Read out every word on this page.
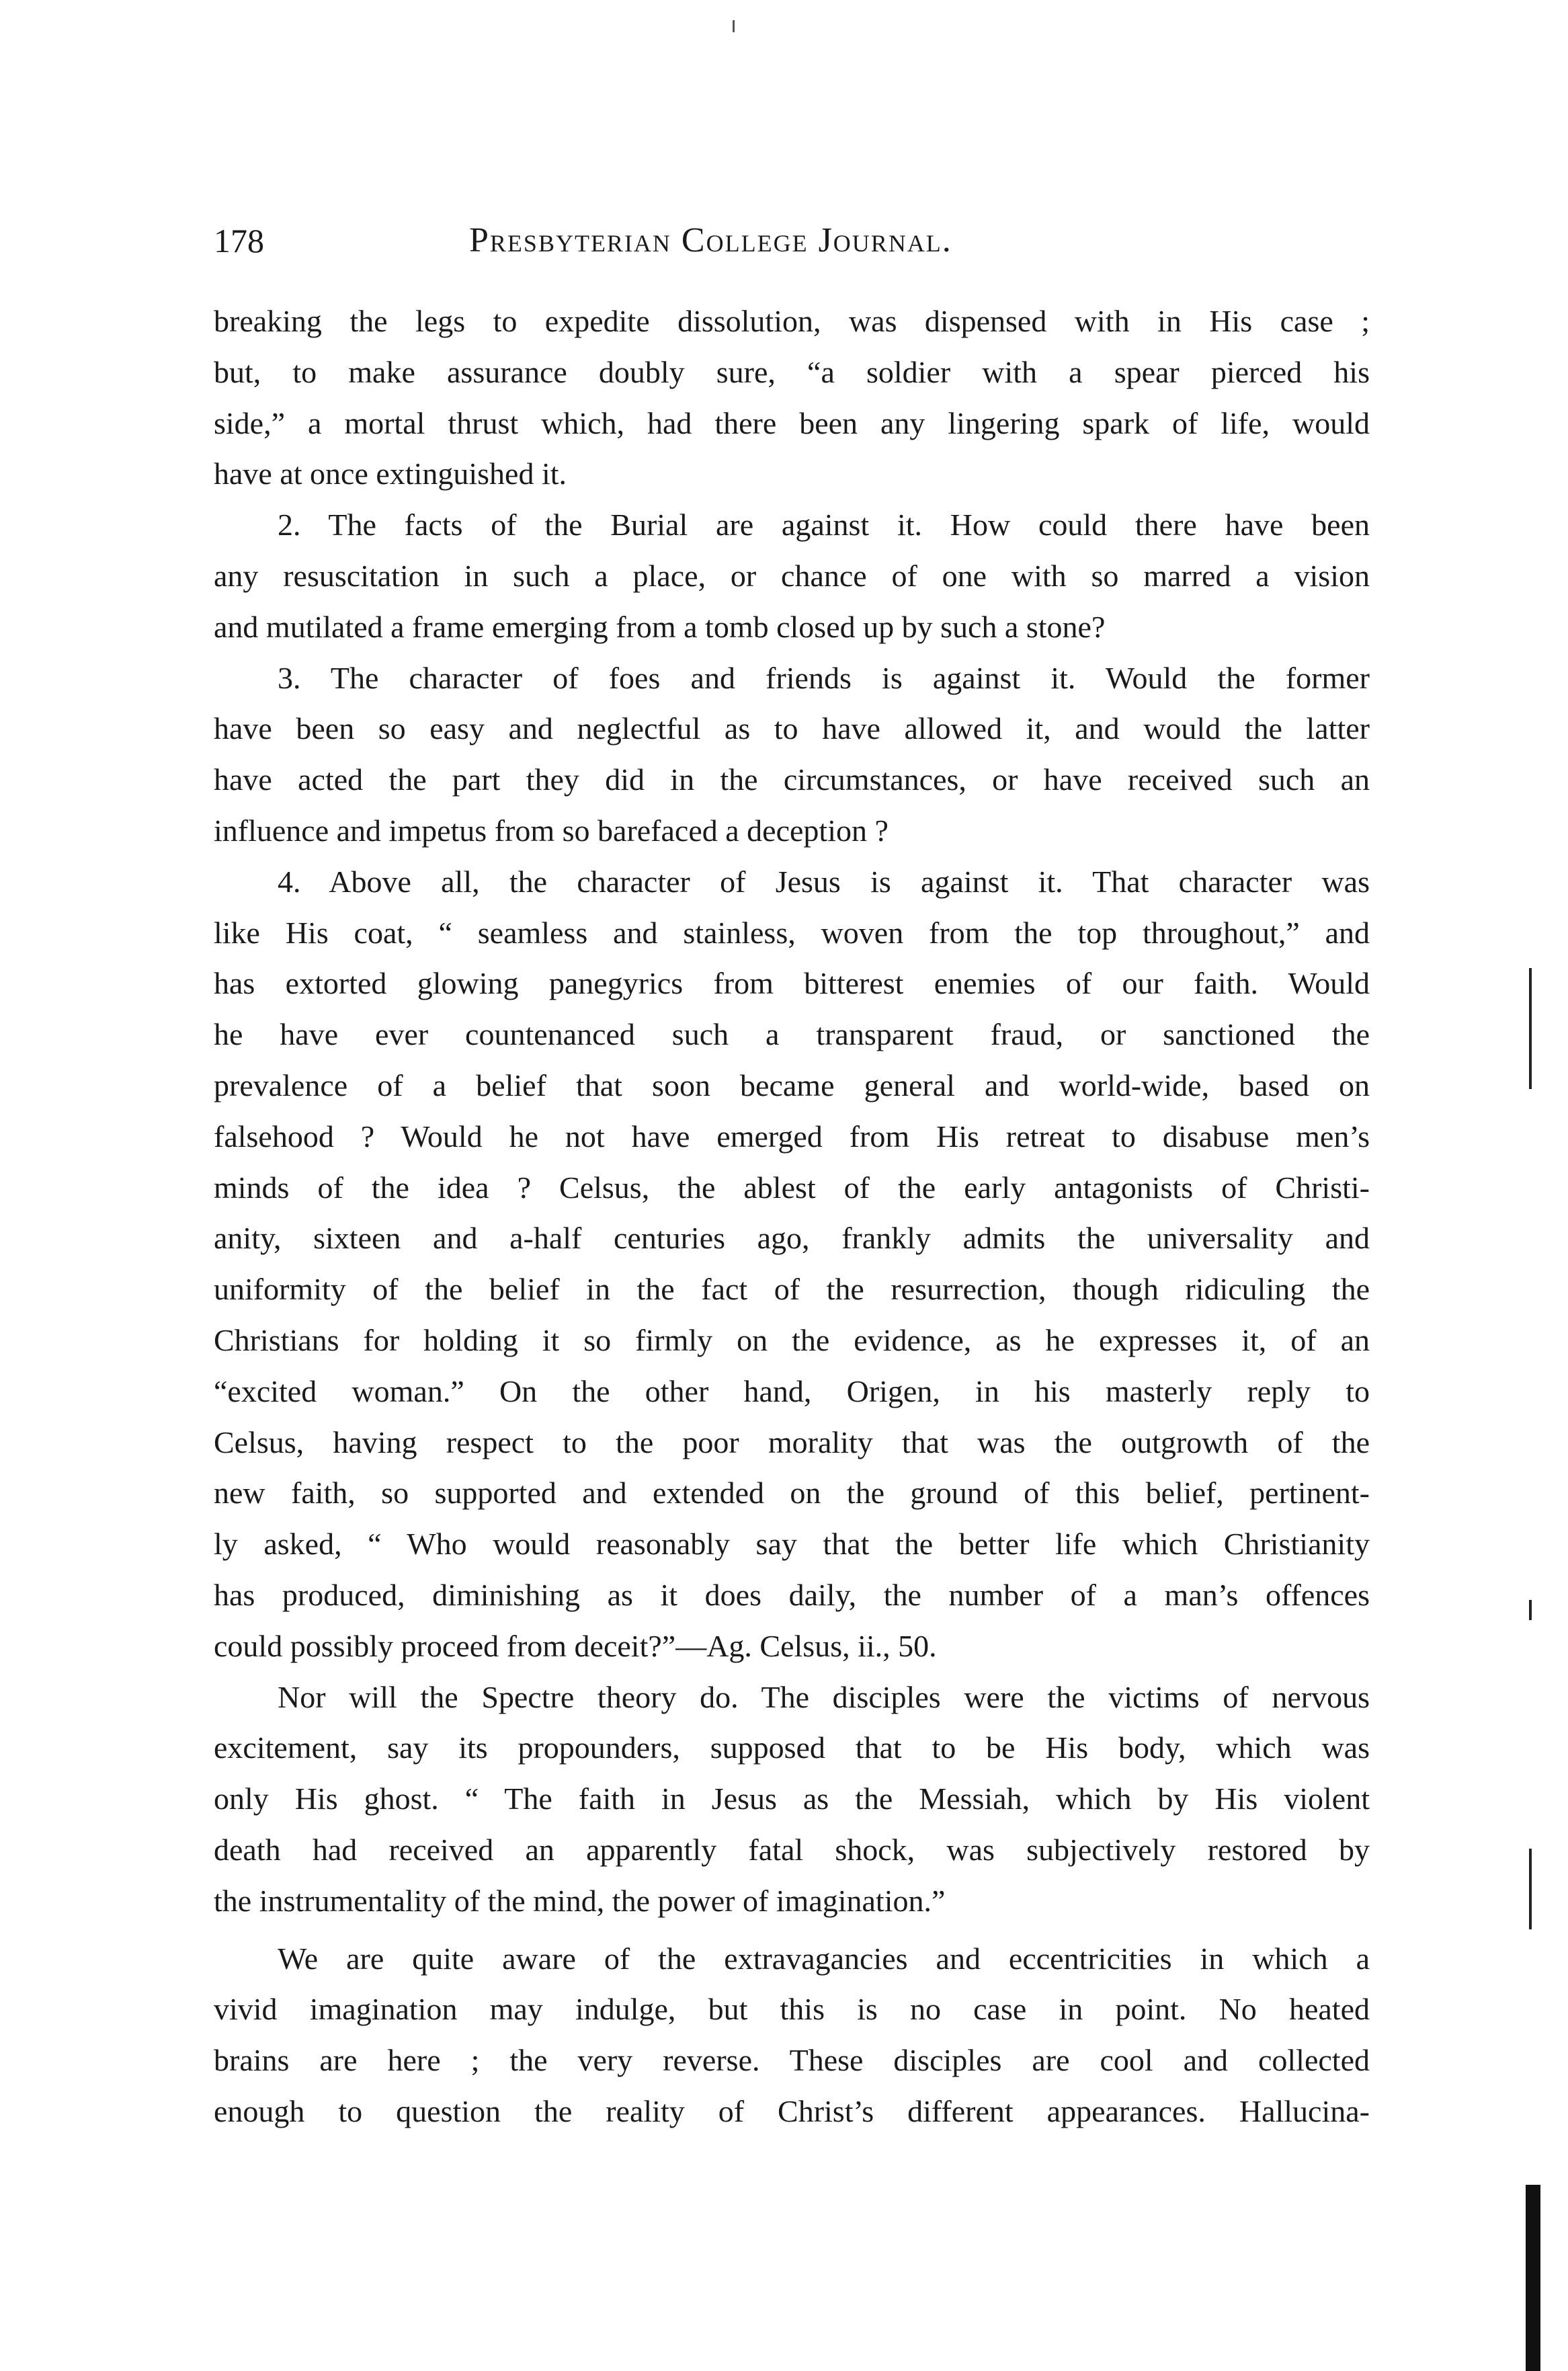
178	Presbyterian College Journal.
breaking the legs to expedite dissolution, was dispensed with in His case ;
but, to make assurance doubly sure, “a soldier with a spear pierced his
side,” a mortal thrust which, had there been any lingering spark of life, would
have at once extinguished it.
2. The facts of the Burial are against it. How could there have been
any resuscitation in such a place, or chance of one with so marred a vision
and mutilated a frame emerging from a tomb closed up by such a stone?
3. The character of foes and friends is against it. Would the former
have been so easy and neglectful as to have allowed it, and would the latter
have acted the part they did in the circumstances, or have received such an
influence and impetus from so barefaced a deception ?
4. Above all, the character of Jesus is against it. That character was
like His coat, “ seamless and stainless, woven from the top throughout,” and
has extorted glowing panegyrics from bitterest enemies of our faith. Would
he have ever countenanced such a transparent fraud, or sanctioned the
prevalence of a belief that soon became general and world-wide, based on
falsehood ? Would he not have emerged from His retreat to disabuse men’s
minds of the idea ? Celsus, the ablest of the early antagonists of Christi-
anity, sixteen and a-half centuries ago, frankly admits the universality and
uniformity of the belief in the fact of the resurrection, though ridiculing the
Christians for holding it so firmly on the evidence, as he expresses it, of an
“excited woman.” On the other hand, Origen, in his masterly reply to
Celsus, having respect to the poor morality that was the outgrowth of the
new faith, so supported and extended on the ground of this belief, pertinent-
ly asked, “ Who would reasonably say that the better life which Christianity
has produced, diminishing as it does daily, the number of a man’s offences
could possibly proceed from deceit?”—Ag. Celsus, ii., 50.
Nor will the Spectre theory do. The disciples were the victims of nervous
excitement, say its propounders, supposed that to be His body, which was
only His ghost. “ The faith in Jesus as the Messiah, which by His violent
death had received an apparently fatal shock, was subjectively restored by
the instrumentality of the mind, the power of imagination.”
We are quite aware of the extravagancies and eccentricities in which a
vivid imagination may indulge, but this is no case in point. No heated
brains are here ; the very reverse. These disciples are cool and collected
enough to question the reality of Christ’s different appearances. Hallucina-
